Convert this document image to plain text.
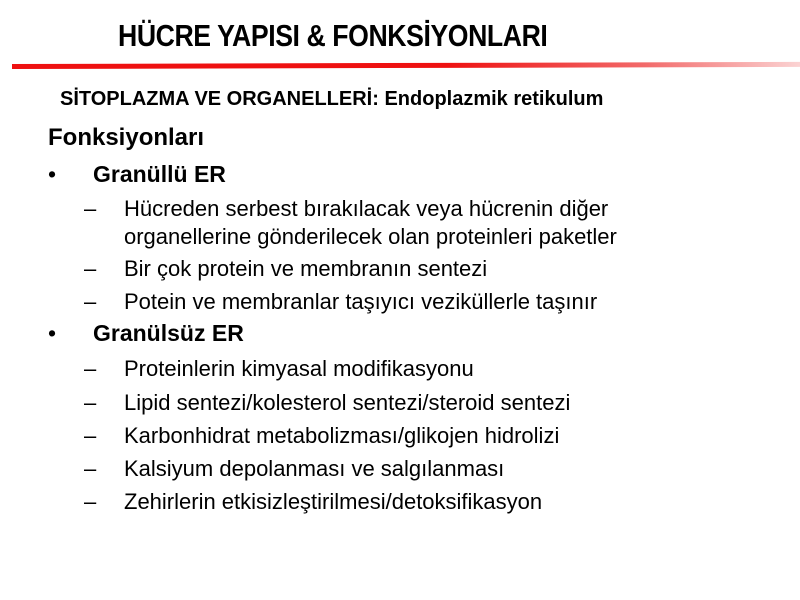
HÜCRE YAPISI & FONKSİYONLARI
SİTOPLAZMA VE ORGANELLERİ: Endoplazmik retikulum
Fonksiyonları
• Granüllü ER
– Hücreden serbest bırakılacak veya hücrenin diğer
organellerine gönderilecek olan proteinleri paketler
– Bir çok protein ve membranın sentezi
– Potein ve membranlar taşıyıcı veziküllerle taşınır
• Granülsüz ER
– Proteinlerin kimyasal modifikasyonu
– Lipid sentezi/kolesterol sentezi/steroid sentezi
– Karbonhidrat metabolizması/glikojen hidrolizi
– Kalsiyum depolanması ve salgılanması
– Zehirlerin etkisizleştirilmesi/detoksifikasyon
